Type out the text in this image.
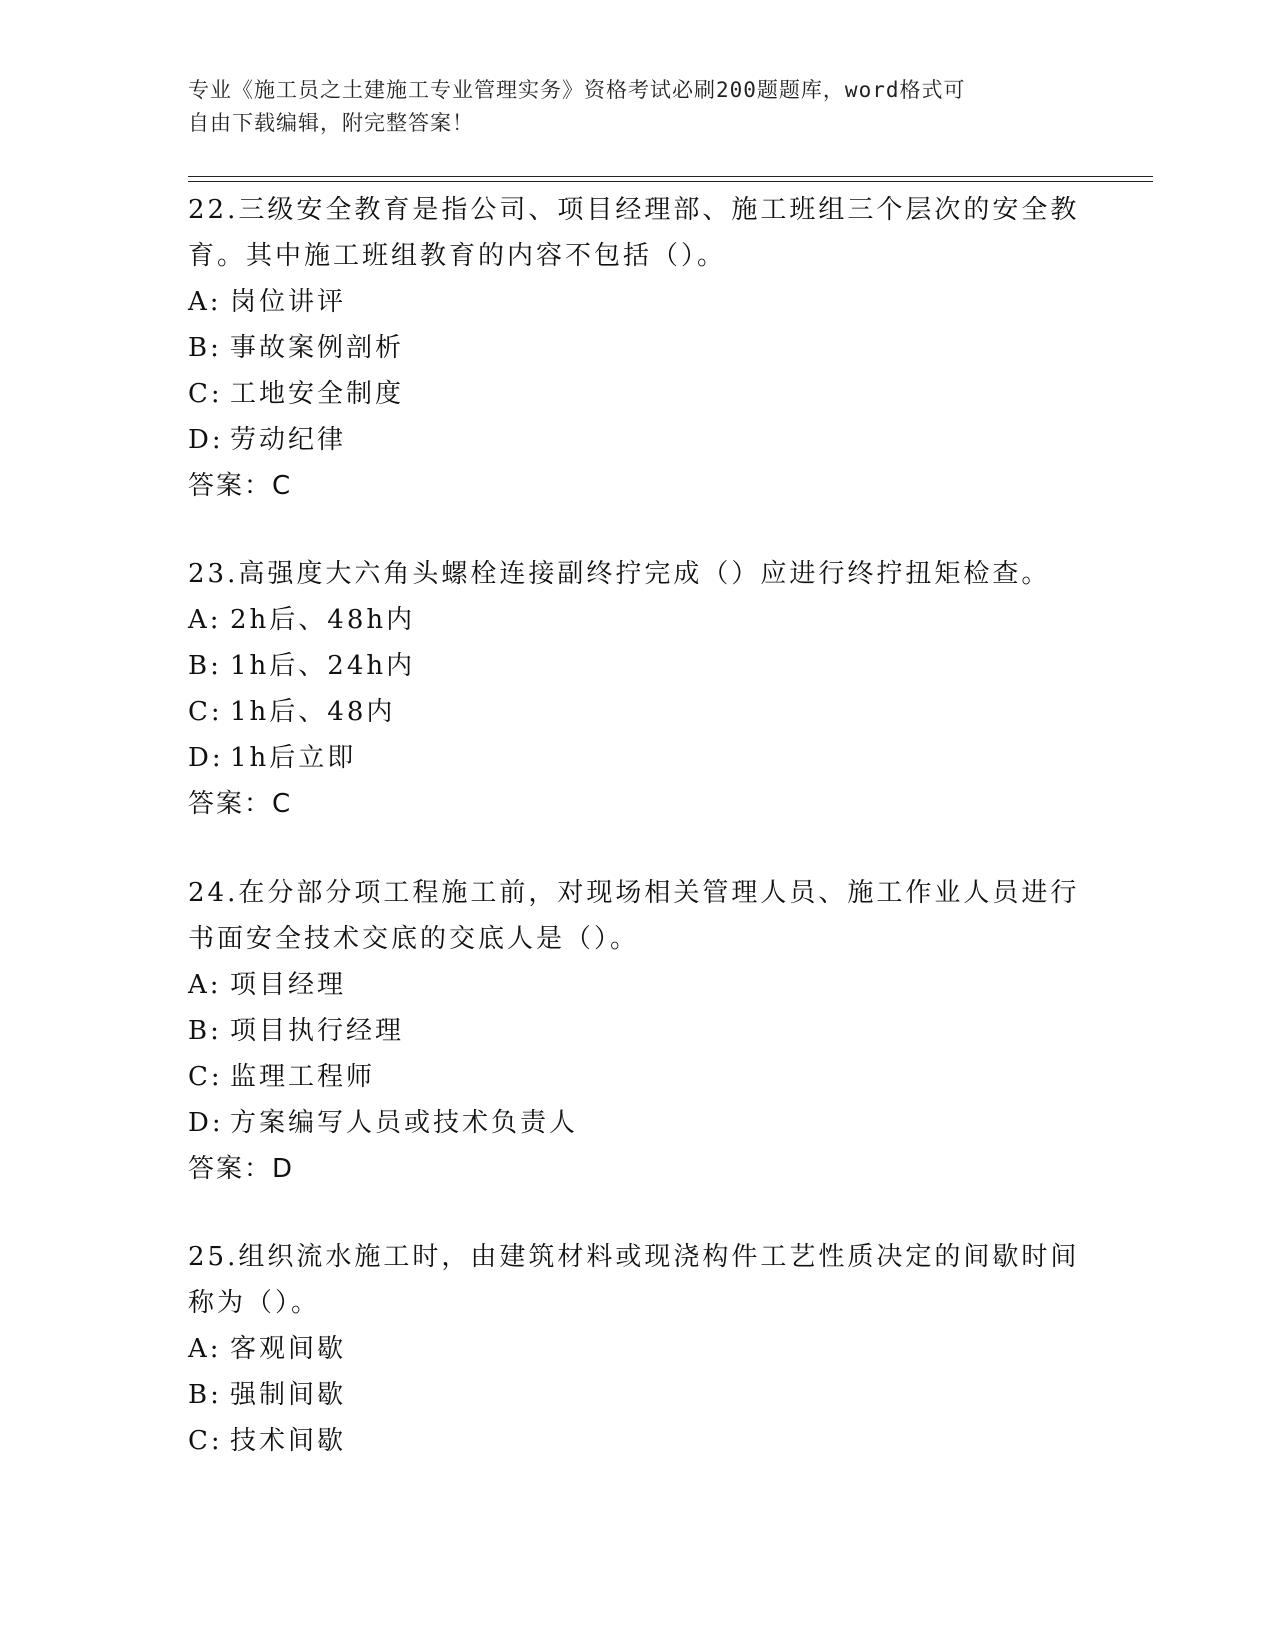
专业《施工员之土建施工专业管理实务》资格考试必刷200题题库，word格式可
自由下载编辑，附完整答案！

22.三级安全教育是指公司、项目经理部、施工班组三个层次的安全教

育。其中施工班组教育的内容不包括（）。

A: 岗位讲评

B: 事故案例剖析

C: 工地安全制度

D: 劳动纪律

答案：C

23.高强度大六角头螺栓连接副终拧完成（）应进行终拧扭矩检查。

A: 2h后、48h内

B: 1h后、24h内

C: 1h后、48内

D: 1h后立即

答案：C

24.在分部分项工程施工前，对现场相关管理人员、施工作业人员进行

书面安全技术交底的交底人是（）。

A: 项目经理

B: 项目执行经理

C: 监理工程师

D: 方案编写人员或技术负责人

答案：D

25.组织流水施工时，由建筑材料或现浇构件工艺性质决定的间歇时间

称为（）。

A: 客观间歇

B: 强制间歇

C: 技术间歇
